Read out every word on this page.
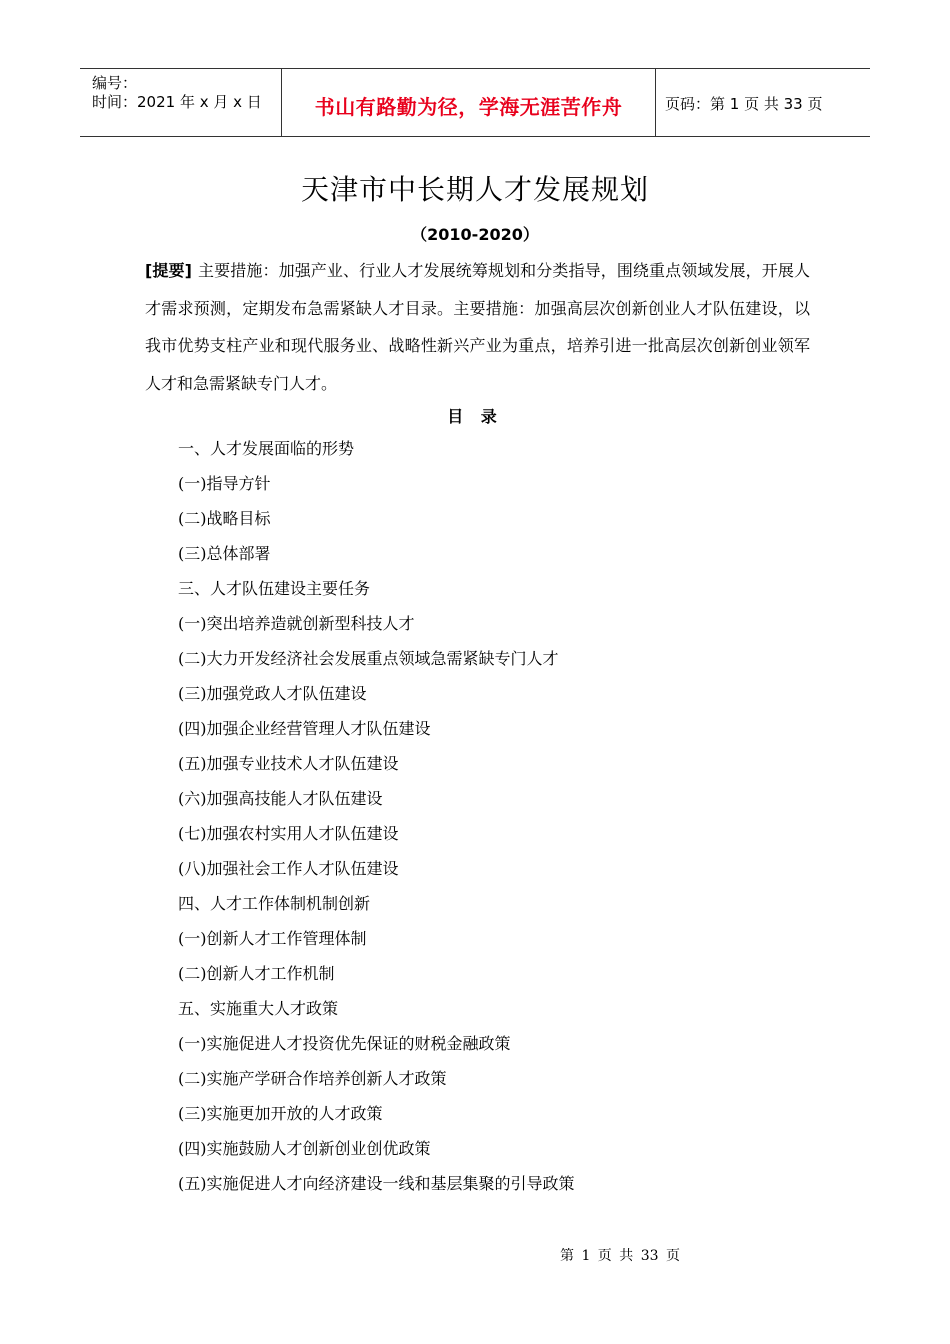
编号：
时间：2021 年 x 月 x 日	书山有路勤为径，学海无涯苦作舟	页码：第 1 页 共 33 页
天津市中长期人才发展规划
（2010-2020）
[提要] 主要措施：加强产业、行业人才发展统筹规划和分类指导，围绕重点领域发展，开展人才需求预测，定期发布急需紧缺人才目录。主要措施：加强高层次创新创业人才队伍建设，以我市优势支柱产业和现代服务业、战略性新兴产业为重点，培养引进一批高层次创新创业领军人才和急需紧缺专门人才。
目 录
一、人才发展面临的形势
(一)指导方针
(二)战略目标
(三)总体部署
三、人才队伍建设主要任务
(一)突出培养造就创新型科技人才
(二)大力开发经济社会发展重点领域急需紧缺专门人才
(三)加强党政人才队伍建设
(四)加强企业经营管理人才队伍建设
(五)加强专业技术人才队伍建设
(六)加强高技能人才队伍建设
(七)加强农村实用人才队伍建设
(八)加强社会工作人才队伍建设
四、人才工作体制机制创新
(一)创新人才工作管理体制
(二)创新人才工作机制
五、实施重大人才政策
(一)实施促进人才投资优先保证的财税金融政策
(二)实施产学研合作培养创新人才政策
(三)实施更加开放的人才政策
(四)实施鼓励人才创新创业创优政策
(五)实施促进人才向经济建设一线和基层集聚的引导政策
第 1 页 共 33 页
